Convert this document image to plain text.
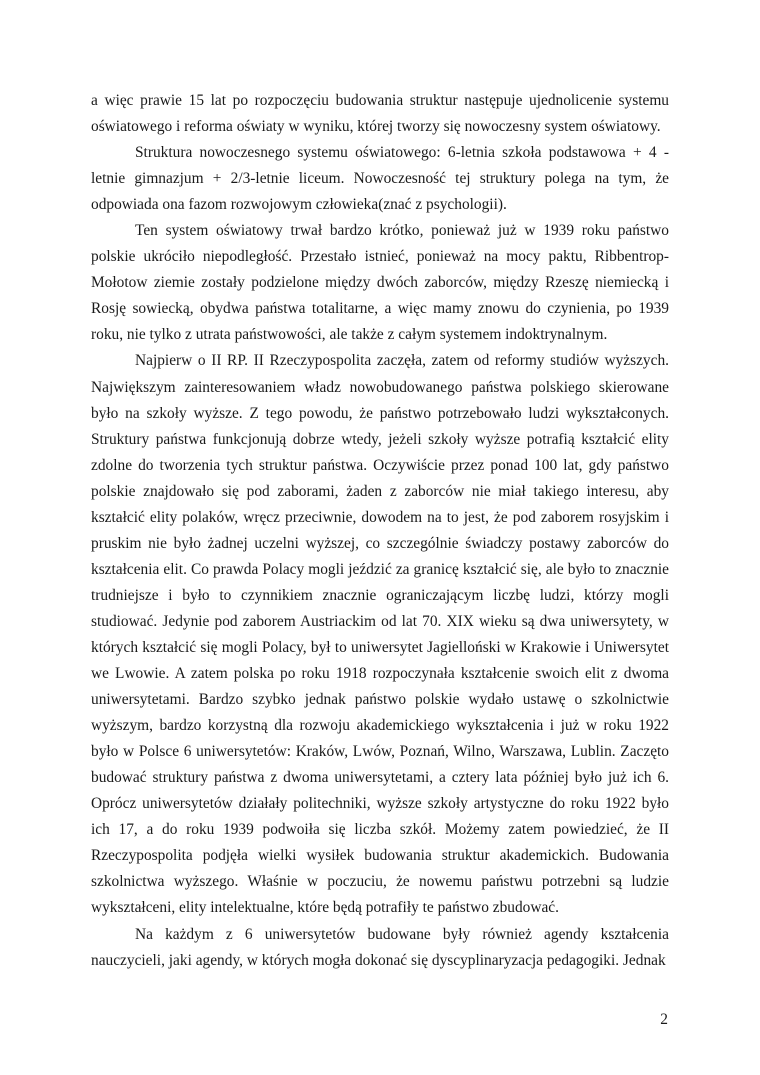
a więc prawie 15 lat po rozpoczęciu budowania struktur następuje ujednolicenie systemu oświatowego i reforma oświaty w wyniku, której tworzy się nowoczesny system oświatowy.

Struktura nowoczesnego systemu oświatowego: 6-letnia szkoła podstawowa + 4 -letnie gimnazjum + 2/3-letnie liceum. Nowoczesność tej struktury polega na tym, że odpowiada ona fazom rozwojowym człowieka(znać z psychologii).

Ten system oświatowy trwał bardzo krótko, ponieważ już w 1939 roku państwo polskie ukróciło niepodległość. Przestało istnieć, ponieważ na mocy paktu, Ribbentrop-Mołotow ziemie zostały podzielone między dwóch zaborców, między Rzeszę niemiecką i Rosję sowiecką, obydwa państwa totalitarne, a więc mamy znowu do czynienia, po 1939 roku, nie tylko z utrata państwowości, ale także z całym systemem indoktrynalnym.

Najpierw o II RP. II Rzeczypospolita zaczęła, zatem od reformy studiów wyższych. Największym zainteresowaniem władz nowobudowanego państwa polskiego skierowane było na szkoły wyższe. Z tego powodu, że państwo potrzebowało ludzi wykształconych. Struktury państwa funkcjonują dobrze wtedy, jeżeli szkoły wyższe potrafią kształcić elity zdolne do tworzenia tych struktur państwa. Oczywiście przez ponad 100 lat, gdy państwo polskie znajdowało się pod zaborami, żaden z zaborców nie miał takiego interesu, aby kształcić elity polaków, wręcz przeciwnie, dowodem na to jest, że pod zaborem rosyjskim i pruskim nie było żadnej uczelni wyższej, co szczególnie świadczy postawy zaborców do kształcenia elit. Co prawda Polacy mogli jeździć za granicę kształcić się, ale było to znacznie trudniejsze i było to czynnikiem znacznie ograniczającym liczbę ludzi, którzy mogli studiować. Jedynie pod zaborem Austriackim od lat 70. XIX wieku są dwa uniwersytety, w których kształcić się mogli Polacy, był to uniwersytet Jagielloński w Krakowie i Uniwersytet we Lwowie. A zatem polska po roku 1918 rozpoczynała kształcenie swoich elit z dwoma uniwersytetami. Bardzo szybko jednak państwo polskie wydało ustawę o szkolnictwie wyższym, bardzo korzystną dla rozwoju akademickiego wykształcenia i już w roku 1922 było w Polsce 6 uniwersytetów: Kraków, Lwów, Poznań, Wilno, Warszawa, Lublin. Zaczęto budować struktury państwa z dwoma uniwersytetami, a cztery lata później było już ich 6. Oprócz uniwersytetów działały politechniki, wyższe szkoły artystyczne do roku 1922 było ich 17, a do roku 1939 podwoiła się liczba szkół. Możemy zatem powiedzieć, że II Rzeczypospolita podjęła wielki wysiłek budowania struktur akademickich. Budowania szkolnictwa wyższego. Właśnie w poczuciu, że nowemu państwu potrzebni są ludzie wykształceni, elity intelektualne, które będą potrafiły te państwo zbudować.

Na każdym z 6 uniwersytetów budowane były również agendy kształcenia nauczycieli, jaki agendy, w których mogła dokonać się dyscyplinaryzacja pedagogiki. Jednak

2
